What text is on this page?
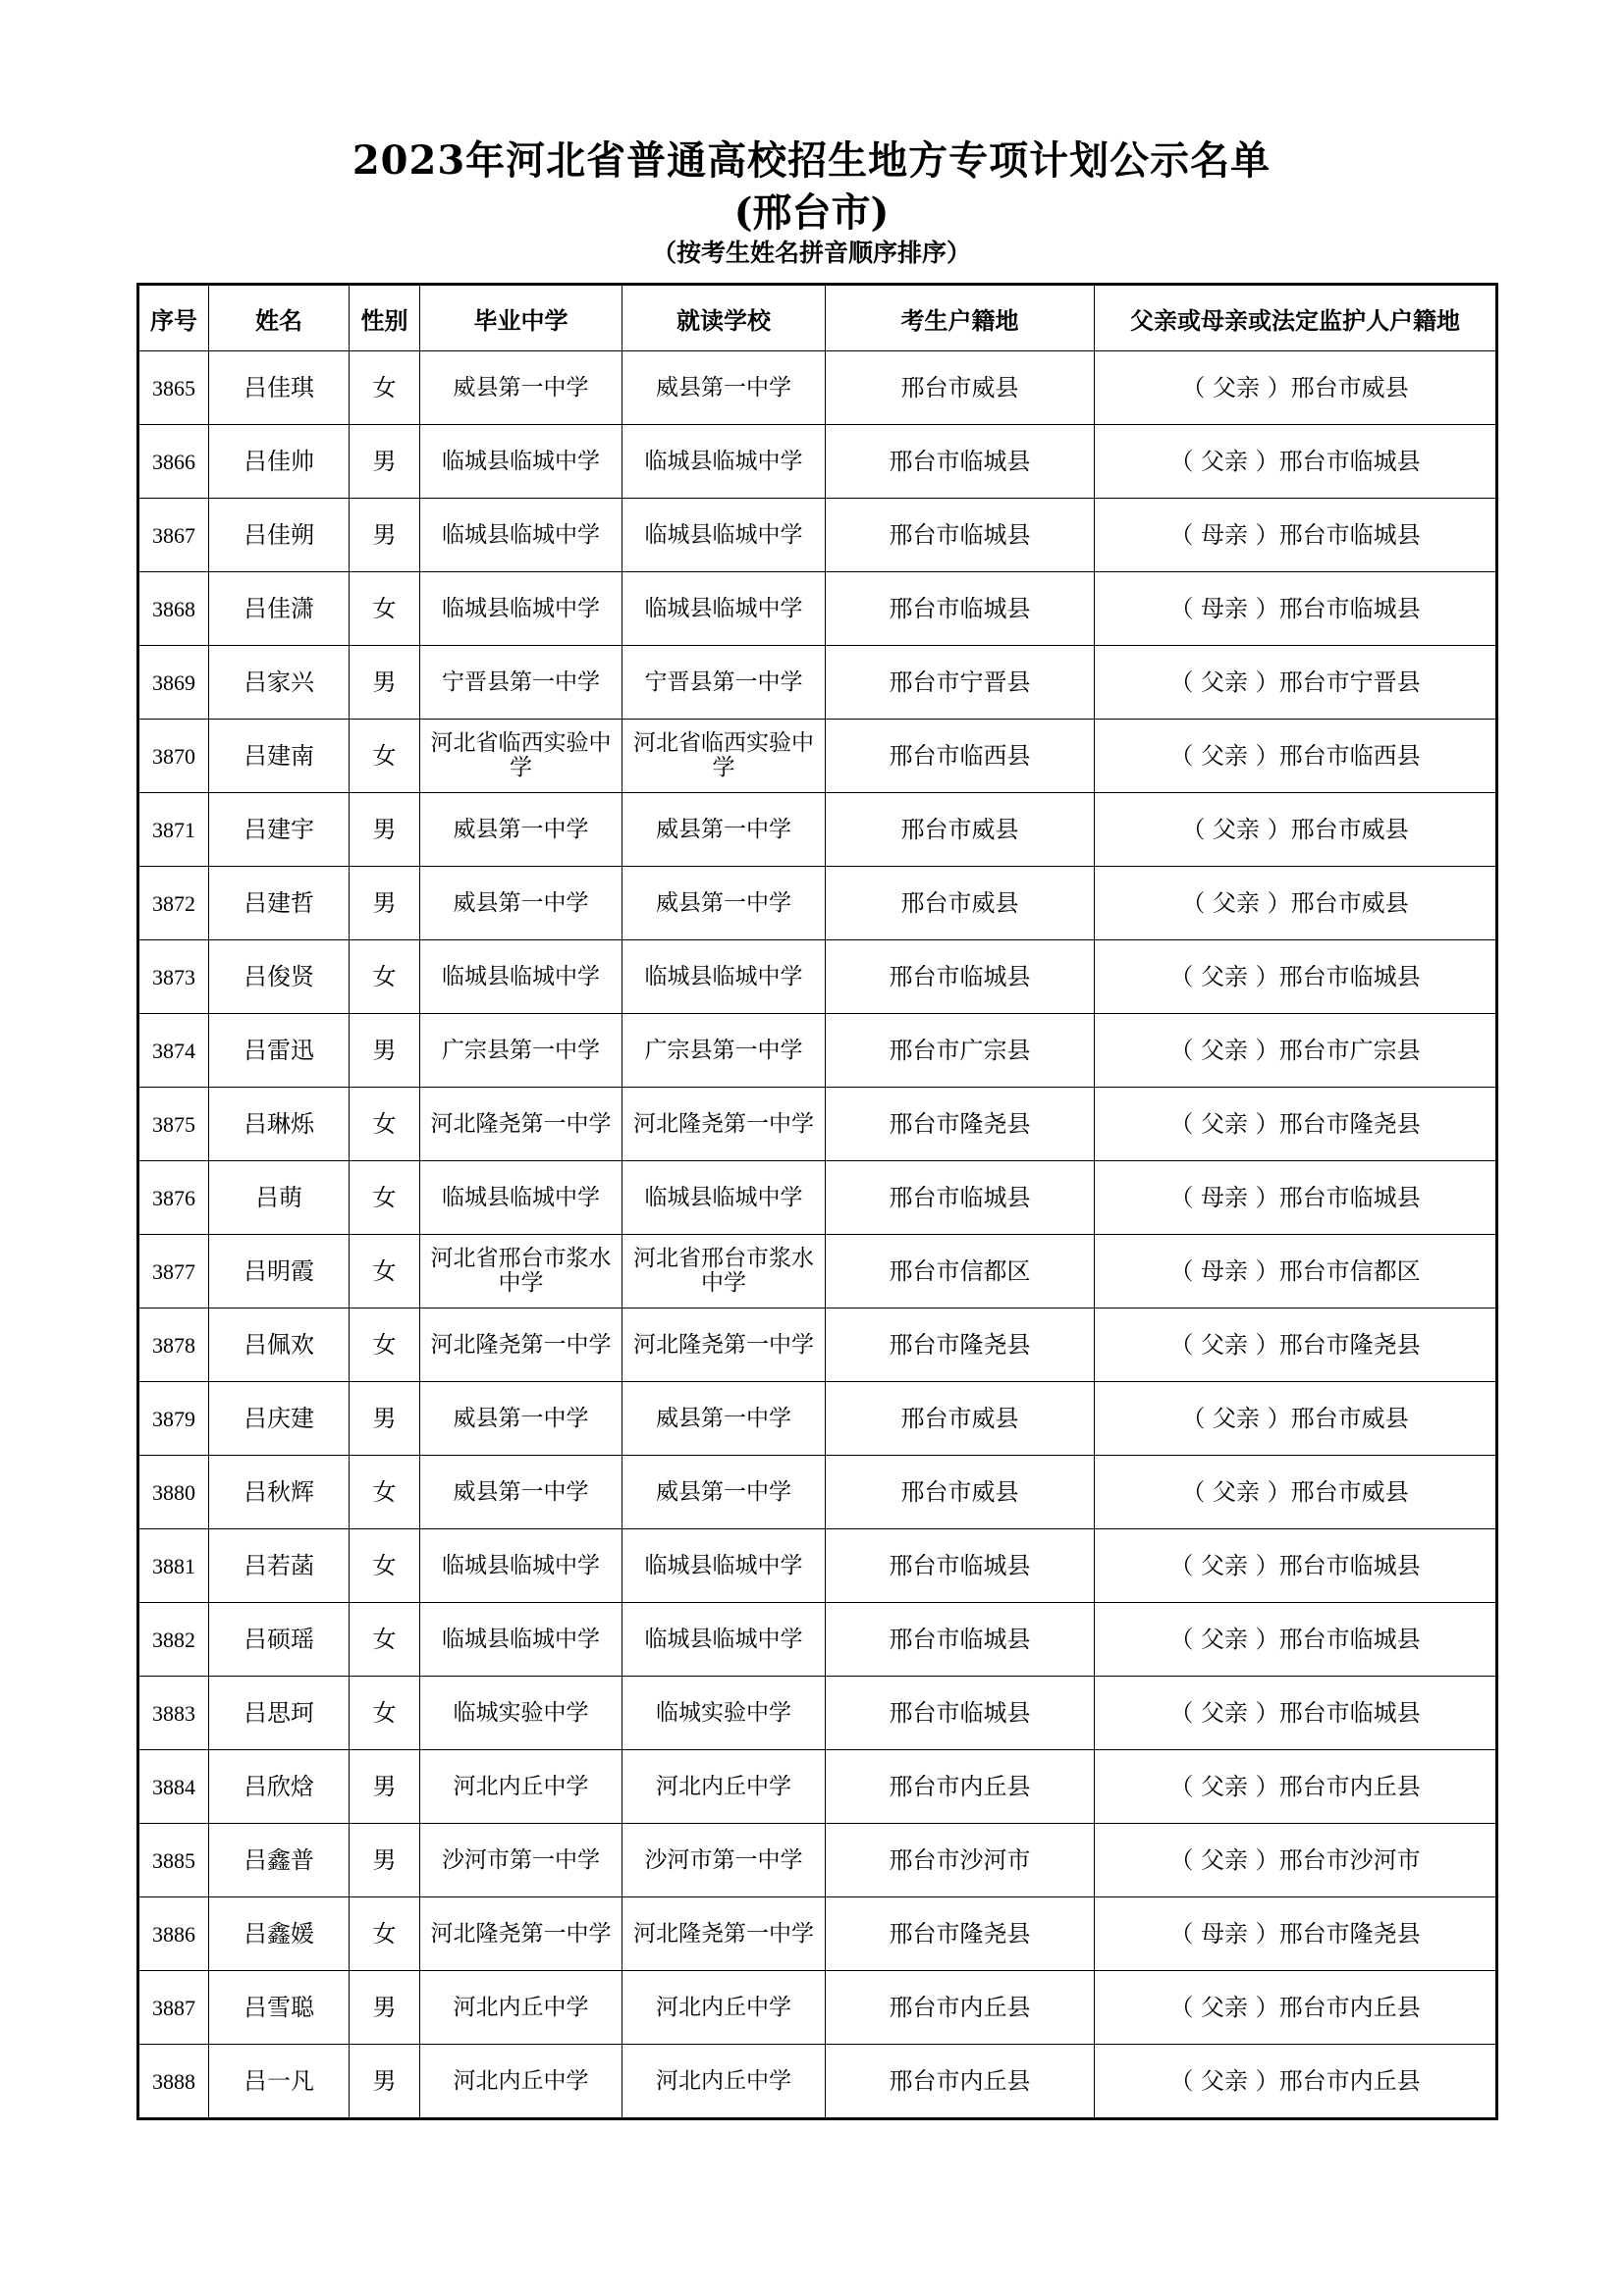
2023年河北省普通高校招生地方专项计划公示名单
(邢台市)
（按考生姓名拼音顺序排序）
序号	姓名	性别	毕业中学	就读学校	考生户籍地	父亲或母亲或法定监护人户籍地
3865	吕佳琪	女	威县第一中学	威县第一中学	邢台市威县	（ 父亲 ）邢台市威县
3866	吕佳帅	男	临城县临城中学	临城县临城中学	邢台市临城县	（ 父亲 ）邢台市临城县
3867	吕佳朔	男	临城县临城中学	临城县临城中学	邢台市临城县	（ 母亲 ）邢台市临城县
3868	吕佳潇	女	临城县临城中学	临城县临城中学	邢台市临城县	（ 母亲 ）邢台市临城县
3869	吕家兴	男	宁晋县第一中学	宁晋县第一中学	邢台市宁晋县	（ 父亲 ）邢台市宁晋县
3870	吕建南	女	河北省临西实验中学	河北省临西实验中学	邢台市临西县	（ 父亲 ）邢台市临西县
3871	吕建宇	男	威县第一中学	威县第一中学	邢台市威县	（ 父亲 ）邢台市威县
3872	吕建哲	男	威县第一中学	威县第一中学	邢台市威县	（ 父亲 ）邢台市威县
3873	吕俊贤	女	临城县临城中学	临城县临城中学	邢台市临城县	（ 父亲 ）邢台市临城县
3874	吕雷迅	男	广宗县第一中学	广宗县第一中学	邢台市广宗县	（ 父亲 ）邢台市广宗县
3875	吕琳烁	女	河北隆尧第一中学	河北隆尧第一中学	邢台市隆尧县	（ 父亲 ）邢台市隆尧县
3876	吕萌	女	临城县临城中学	临城县临城中学	邢台市临城县	（ 母亲 ）邢台市临城县
3877	吕明霞	女	河北省邢台市浆水中学	河北省邢台市浆水中学	邢台市信都区	（ 母亲 ）邢台市信都区
3878	吕佩欢	女	河北隆尧第一中学	河北隆尧第一中学	邢台市隆尧县	（ 父亲 ）邢台市隆尧县
3879	吕庆建	男	威县第一中学	威县第一中学	邢台市威县	（ 父亲 ）邢台市威县
3880	吕秋辉	女	威县第一中学	威县第一中学	邢台市威县	（ 父亲 ）邢台市威县
3881	吕若菡	女	临城县临城中学	临城县临城中学	邢台市临城县	（ 父亲 ）邢台市临城县
3882	吕硕瑶	女	临城县临城中学	临城县临城中学	邢台市临城县	（ 父亲 ）邢台市临城县
3883	吕思珂	女	临城实验中学	临城实验中学	邢台市临城县	（ 父亲 ）邢台市临城县
3884	吕欣焓	男	河北内丘中学	河北内丘中学	邢台市内丘县	（ 父亲 ）邢台市内丘县
3885	吕鑫普	男	沙河市第一中学	沙河市第一中学	邢台市沙河市	（ 父亲 ）邢台市沙河市
3886	吕鑫媛	女	河北隆尧第一中学	河北隆尧第一中学	邢台市隆尧县	（ 母亲 ）邢台市隆尧县
3887	吕雪聪	男	河北内丘中学	河北内丘中学	邢台市内丘县	（ 父亲 ）邢台市内丘县
3888	吕一凡	男	河北内丘中学	河北内丘中学	邢台市内丘县	（ 父亲 ）邢台市内丘县
